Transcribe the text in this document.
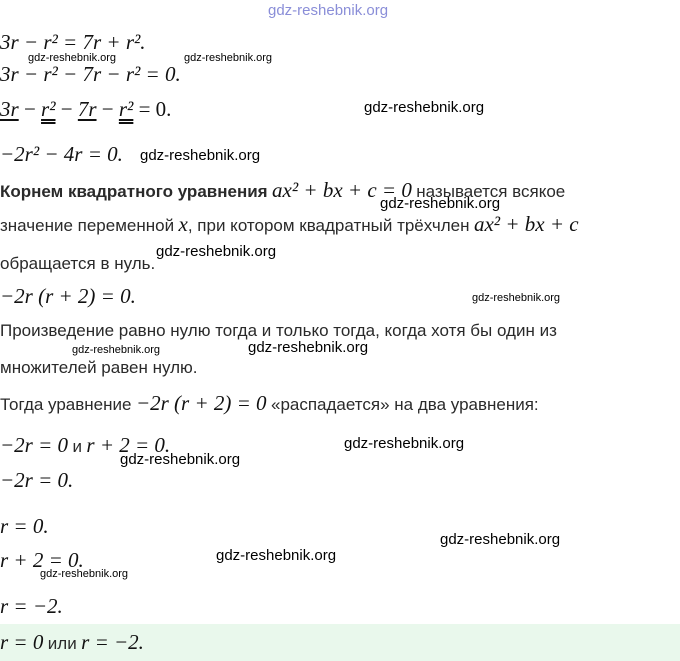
gdz-reshebnik.org
gdz-reshebnik.org	gdz-reshebnik.org
gdz-reshebnik.org
gdz-reshebnik.org
gdz-reshebnik.org
gdz-reshebnik.org
gdz-reshebnik.org
gdz-reshebnik.org	gdz-reshebnik.org
gdz-reshebnik.org
gdz-reshebnik.org
gdz-reshebnik.org
gdz-reshebnik.org
gdz-reshebnik.org
3r − r² = 7r + r².
3r − r² − 7r − r² = 0.
3r − r² − 7r − r² = 0.
−2r² − 4r = 0.
Корнем квадратного уравнения ax² + bx + c = 0 называется всякое
значение переменной x, при котором квадратный трёхчлен ax² + bx + c
обращается в нуль.
−2r (r + 2) = 0.
Произведение равно нулю тогда и только тогда, когда хотя бы один из
множителей равен нулю.
Тогда уравнение −2r (r + 2) = 0 «распадается» на два уравнения:
−2r = 0 и r + 2 = 0.
−2r = 0.
r = 0.
r + 2 = 0.
r = −2.
r = 0 или r = −2.
